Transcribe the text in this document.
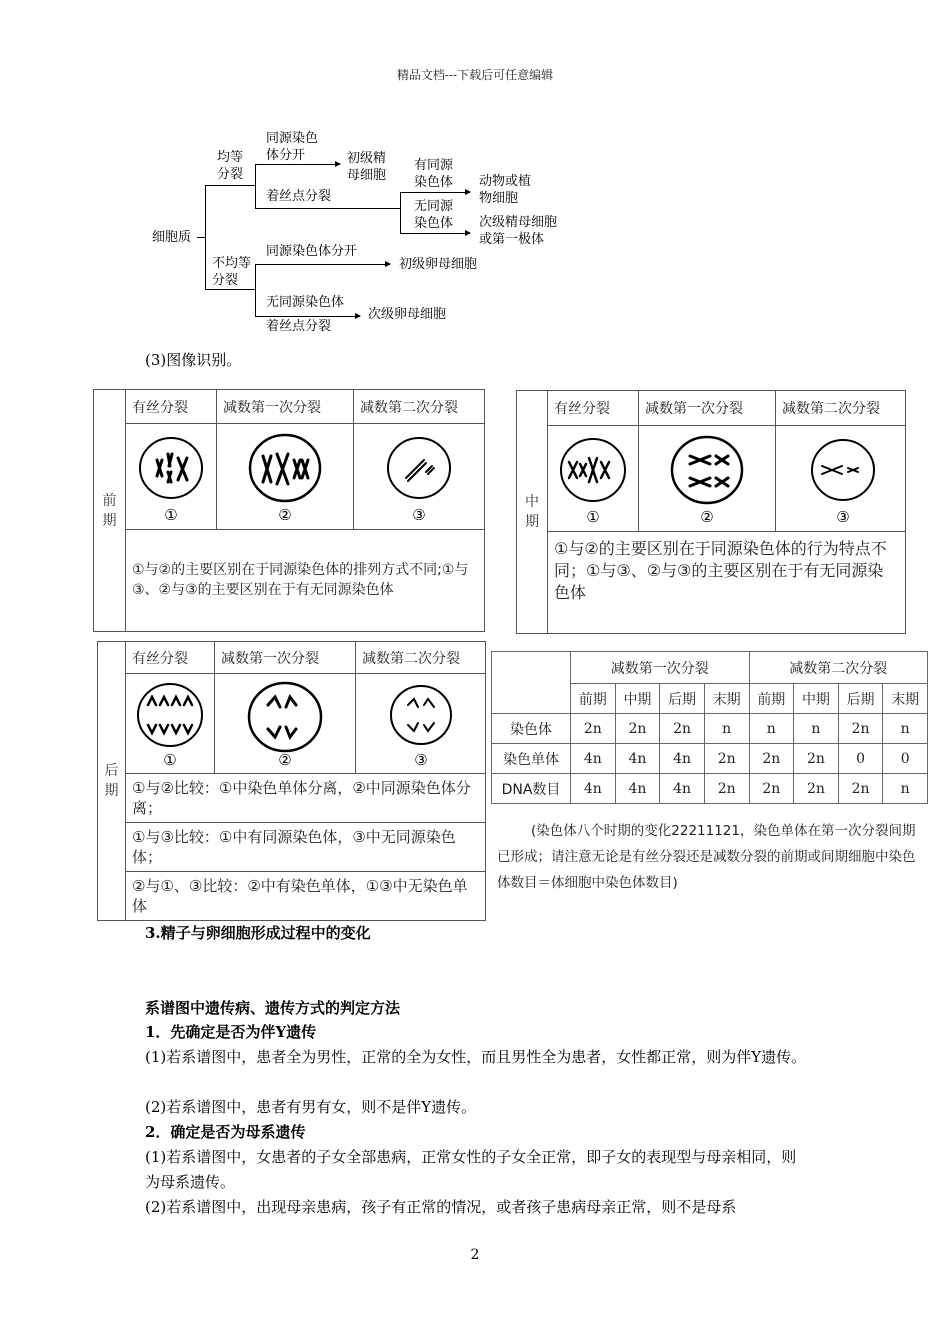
精品文档---下载后可任意编辑
细胞质
均等
分裂
不均等
分裂
同源染色
体分开	初级精
母细胞
着丝点分裂
有同源
染色体
无同源
染色体
动物或植
物细胞
次级精母细胞
或第一极体
同源染色体分开
初级卵母细胞
无同源染色体
着丝点分裂
次级卵母细胞
(3)图像识别。
前
期	有丝分裂	减数第一次分裂	减数第二次分裂

①	②	③

	①与②的主要区别在于同源染色体的排列方式不同;①与③、②与③的主要区别在于有无同源染色体		
中
期	有丝分裂	减数第一次分裂	减数第二次分裂

①	②	③

	①与②的主要区别在于同源染色体的行为特点不同；①与③、②与③的主要区别在于有无同源染色体		
后
期	有丝分裂	减数第一次分裂	减数第二次分裂

①	②	③

	①与②比较：①中染色单体分离，②中同源染色体分离；		
	①与③比较：①中有同源染色体，③中无同源染色体；		
	②与①、③比较：②中有染色单体，①③中无染色单体		
	减数第一次分裂				减数第二次分裂			
	前期	中期	后期	末期	前期	中期	后期	末期
染色体	2n	2n	2n	n	n	n	2n	n
染色单体	4n	4n	4n	2n	2n	2n	0	0
DNA数目	4n	4n	4n	2n	2n	2n	2n	n
(染色体八个时期的变化22211121，染色单体在第一次分裂间期已形成；请注意无论是有丝分裂还是减数分裂的前期或间期细胞中染色体数目＝体细胞中染色体数目)
3.精子与卵细胞形成过程中的变化
系谱图中遗传病、遗传方式的判定方法
1．先确定是否为伴Y遗传
(1)若系谱图中，患者全为男性，正常的全为女性，而且男性全为患者，女性都正常，则为伴Y遗传。
(2)若系谱图中，患者有男有女，则不是伴Y遗传。
2．确定是否为母系遗传
(1)若系谱图中，女患者的子女全部患病，正常女性的子女全正常，即子女的表现型与母亲相同，则为母系遗传。
(2)若系谱图中，出现母亲患病，孩子有正常的情况，或者孩子患病母亲正常，则不是母系
2
